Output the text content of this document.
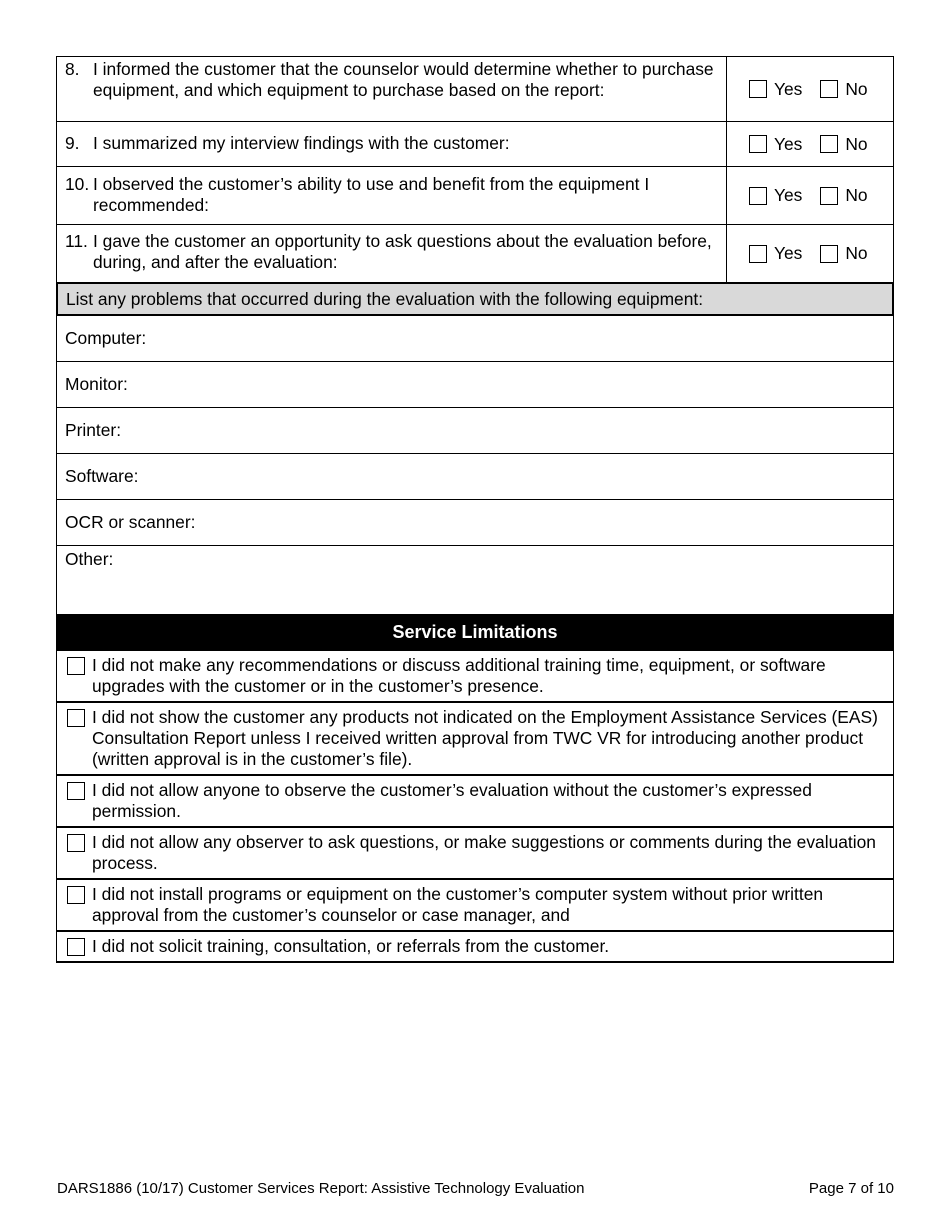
8. I informed the customer that the counselor would determine whether to purchase equipment, and which equipment to purchase based on the report:	Yes No
9. I summarized my interview findings with the customer:	Yes No
10. I observed the customer’s ability to use and benefit from the equipment I recommended:	Yes No
11. I gave the customer an opportunity to ask questions about the evaluation before, during, and after the evaluation:	Yes No
List any problems that occurred during the evaluation with the following equipment:
Computer:
Monitor:
Printer:
Software:
OCR or scanner:
Other:
Service Limitations
I did not make any recommendations or discuss additional training time, equipment, or software upgrades with the customer or in the customer’s presence.
I did not show the customer any products not indicated on the Employment Assistance Services (EAS) Consultation Report unless I received written approval from TWC VR for introducing another product (written approval is in the customer’s file).
I did not allow anyone to observe the customer’s evaluation without the customer’s expressed permission.
I did not allow any observer to ask questions, or make suggestions or comments during the evaluation process.
I did not install programs or equipment on the customer’s computer system without prior written approval from the customer’s counselor or case manager, and
I did not solicit training, consultation, or referrals from the customer.
DARS1886 (10/17) Customer Services Report: Assistive Technology Evaluation	Page 7 of 10
